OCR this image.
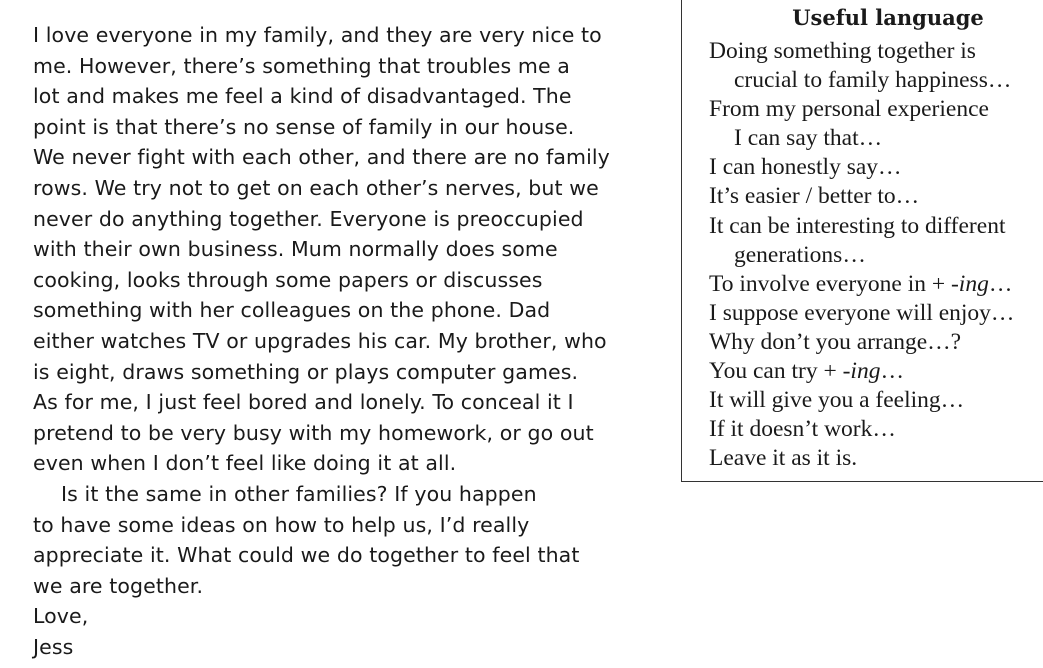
I love everyone in my family, and they are very nice to
me. However, there’s something that troubles me a
lot and makes me feel a kind of disadvantaged. The
point is that there’s no sense of family in our house.
We never fight with each other, and there are no family
rows. We try not to get on each other’s nerves, but we
never do anything together. Everyone is preoccupied
with their own business. Mum normally does some
cooking, looks through some papers or discusses
something with her colleagues on the phone. Dad
either watches TV or upgrades his car. My brother, who
is eight, draws something or plays computer games.
As for me, I just feel bored and lonely. To conceal it I
pretend to be very busy with my homework, or go out
even when I don’t feel like doing it at all.
Is it the same in other families? If you happen
to have some ideas on how to help us, I’d really
appreciate it. What could we do together to feel that
we are together.
Love,
Jess
Useful language
Doing something together is
crucial to family happiness…
From my personal experience
I can say that…
I can honestly say…
It’s easier / better to…
It can be interesting to different
generations…
To involve everyone in + -ing…
I suppose everyone will enjoy…
Why don’t you arrange…?
You can try + -ing…
It will give you a feeling…
If it doesn’t work…
Leave it as it is.
